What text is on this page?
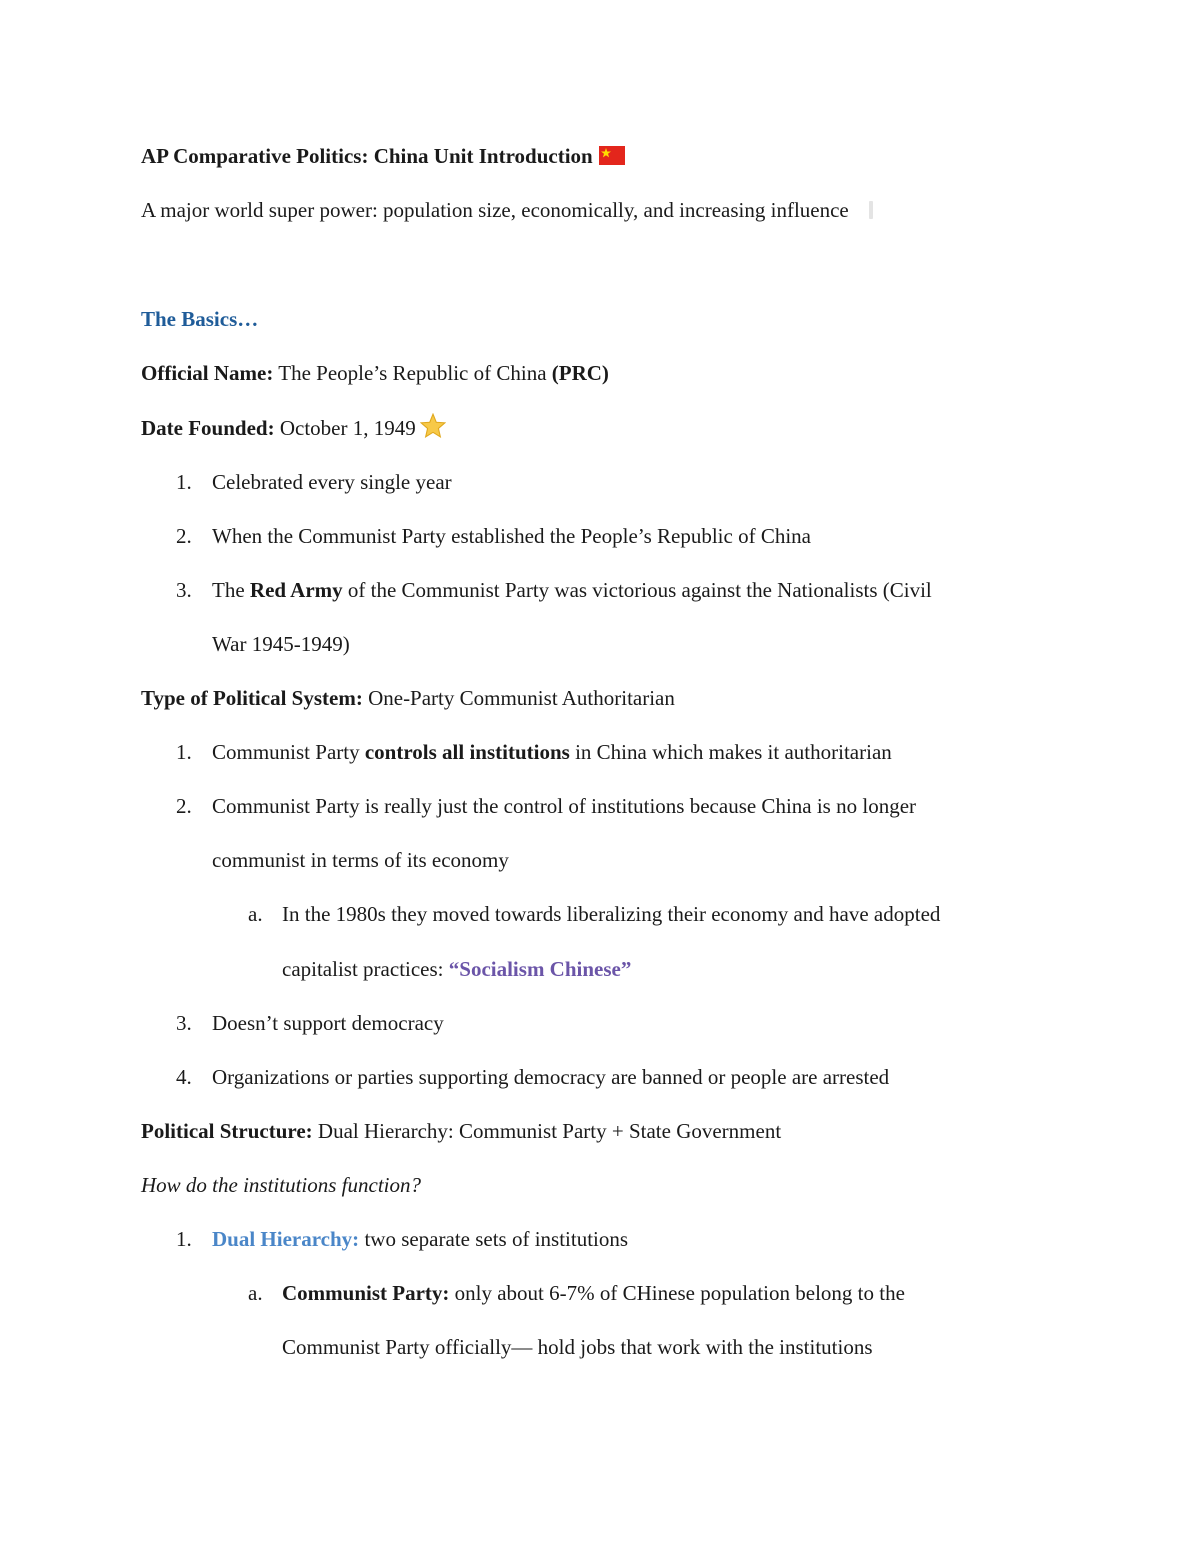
AP Comparative Politics: China Unit Introduction
A major world super power: population size, economically, and increasing influence
The Basics…
Official Name: The People’s Republic of China (PRC)
Date Founded: October 1, 1949
1. Celebrated every single year
2. When the Communist Party established the People’s Republic of China
3. The Red Army of the Communist Party was victorious against the Nationalists (Civil
War 1945-1949)
Type of Political System: One-Party Communist Authoritarian
1. Communist Party controls all institutions in China which makes it authoritarian
2. Communist Party is really just the control of institutions because China is no longer
communist in terms of its economy
a. In the 1980s they moved towards liberalizing their economy and have adopted
capitalist practices: “Socialism Chinese”
3. Doesn’t support democracy
4. Organizations or parties supporting democracy are banned or people are arrested
Political Structure: Dual Hierarchy: Communist Party + State Government
How do the institutions function?
1. Dual Hierarchy: two separate sets of institutions
a. Communist Party: only about 6-7% of CHinese population belong to the
Communist Party officially— hold jobs that work with the institutions
